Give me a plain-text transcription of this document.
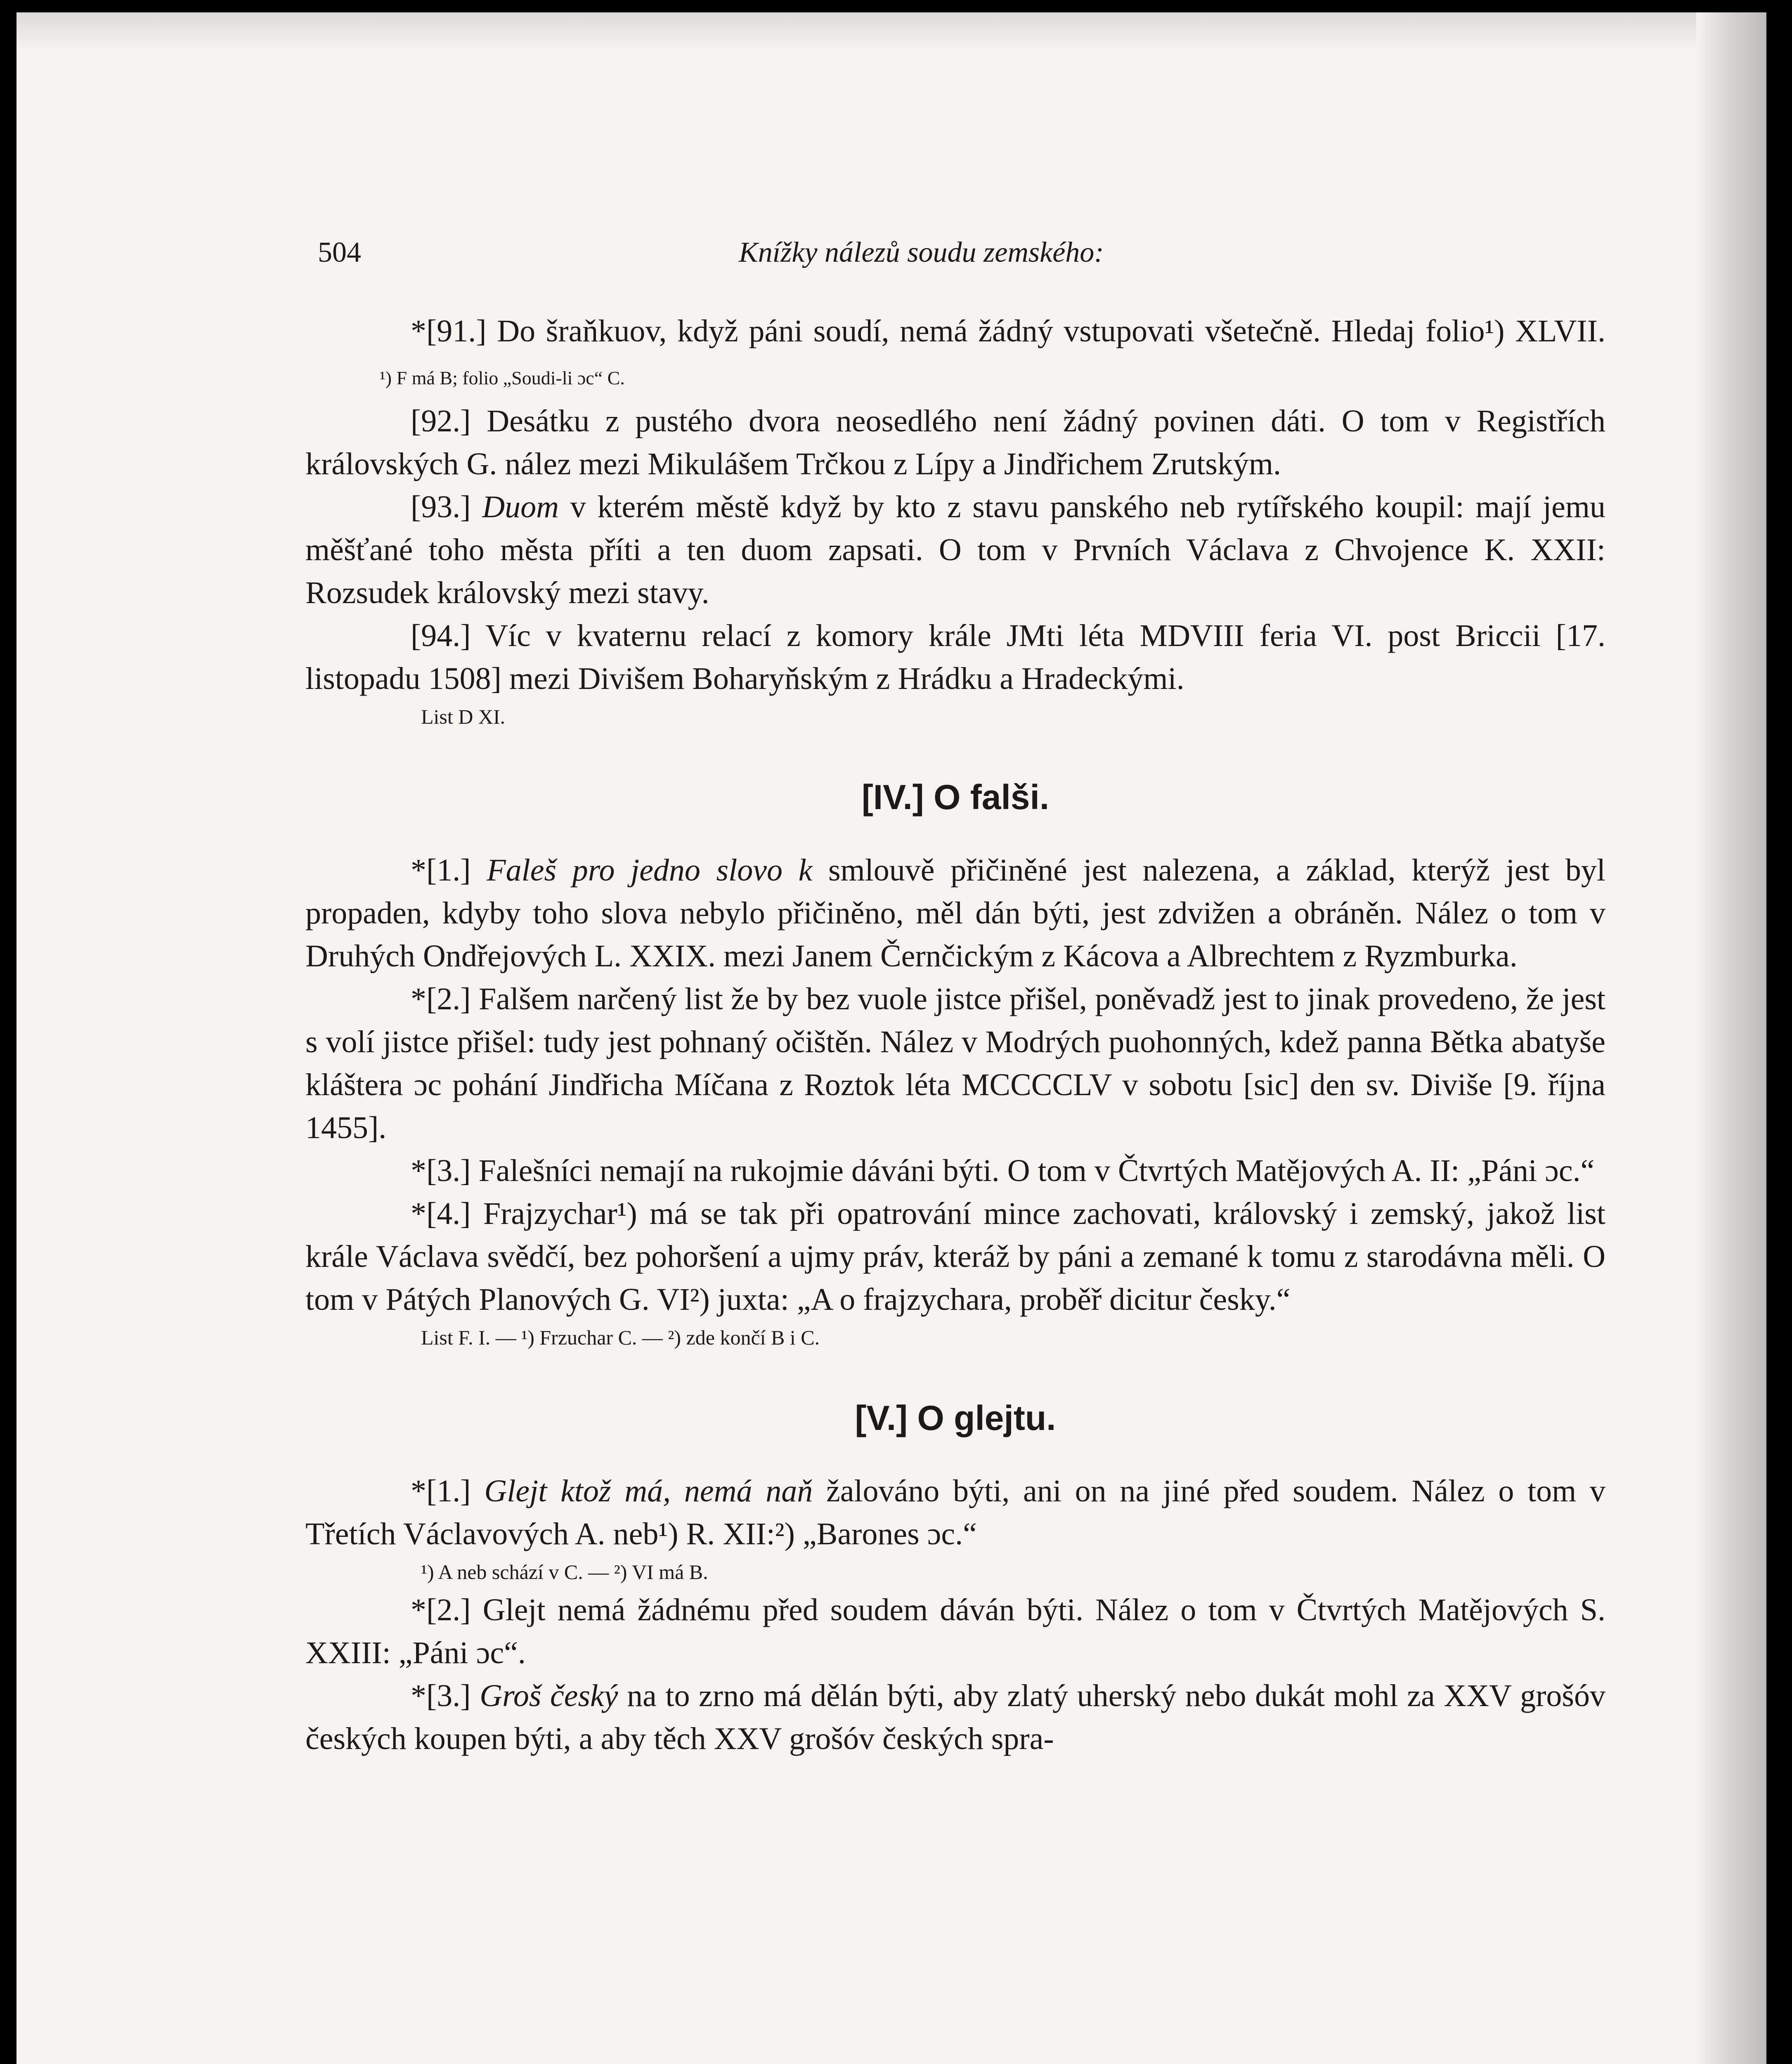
504	Knížky nálezů soudu zemského:

*[91.] Do šraňkuov, když páni soudí, nemá žádný vstupovati všetečně. Hledaj folio¹) XLVII. ¹) F má B; folio „Soudi-li ɔc“ C.

[92.] Desátku z pustého dvora neosedlého není žádný povinen dáti. O tom v Registřích královských G. nález mezi Mikulášem Trčkou z Lípy a Jindřichem Zrutským.

[93.] Duom v kterém městě když by kto z stavu panského neb rytířského koupil: mají jemu měšťané toho města příti a ten duom zapsati. O tom v Prvních Václava z Chvojence K. XXII: Rozsudek královský mezi stavy.

[94.] Víc v kvaternu relací z komory krále JMti léta MDVIII feria VI. post Briccii [17. listopadu 1508] mezi Divišem Boharyňským z Hrádku a Hradeckými.

List D XI.
[IV.] O falši.

*[1.] Faleš pro jedno slovo k smlouvě přičiněné jest nalezena, a základ, kterýž jest byl propaden, kdyby toho slova nebylo přičiněno, měl dán býti, jest zdvižen a obráněn. Nález o tom v Druhých Ondřejových L. XXIX. mezi Janem Černčickým z Kácova a Albrechtem z Ryzmburka.

*[2.] Falšem narčený list že by bez vuole jistce přišel, poněvadž jest to jinak provedeno, že jest s volí jistce přišel: tudy jest pohnaný očištěn. Nález v Modrých puohonných, kdež panna Bětka abatyše kláštera ɔc pohání Jindřicha Míčana z Roztok léta MCCCCLV v sobotu [sic] den sv. Diviše [9. října 1455].

*[3.] Falešníci nemají na rukojmie dáváni býti. O tom v Čtvrtých Matějových A. II: „Páni ɔc.“

*[4.] Frajzychar¹) má se tak při opatrování mince zachovati, královský i zemský, jakož list krále Václava svědčí, bez pohoršení a ujmy práv, kteráž by páni a zemané k tomu z starodávna měli. O tom v Pátých Planových G. VI²) juxta: „A o frajzychara, proběř dicitur česky.“

List F. I. — ¹) Frzuchar C. — ²) zde končí B i C.
[V.] O glejtu.

*[1.] Glejt ktož má, nemá naň žalováno býti, ani on na jiné před soudem. Nález o tom v Třetích Václavových A. neb¹) R. XII:²) „Barones ɔc.“

¹) A neb schází v C. — ²) VI má B.

*[2.] Glejt nemá žádnému před soudem dáván býti. Nález o tom v Čtvrtých Matějových S. XXIII: „Páni ɔc“.

*[3.] Groš český na to zrno má dělán býti, aby zlatý uherský nebo dukát mohl za XXV grošóv českých koupen býti, a aby těch XXV grošóv českých spra-
